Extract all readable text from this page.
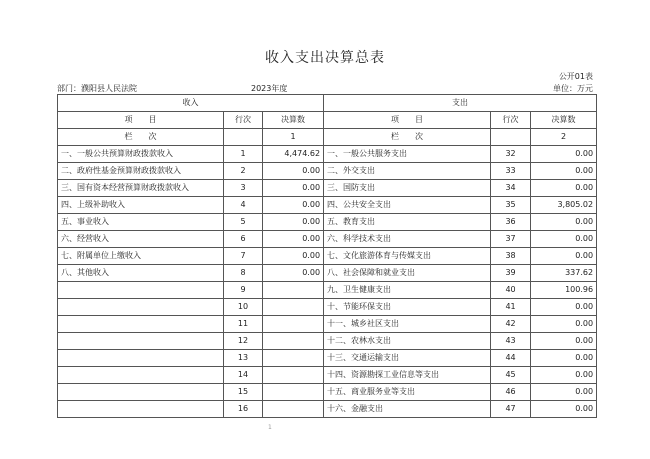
收入支出决算总表
公开01表
部门：濮阳县人民法院	2023年度	单位：万元
收入			支出		
项　　目	行次	决算数	项　　目	行次	决算数
栏　　次		1	栏　　次		2
一、一般公共预算财政拨款收入	1	4,474.62	一、一般公共服务支出	32	0.00
二、政府性基金预算财政拨款收入	2	0.00	二、外交支出	33	0.00
三、国有资本经营预算财政拨款收入	3	0.00	三、国防支出	34	0.00
四、上级补助收入	4	0.00	四、公共安全支出	35	3,805.02
五、事业收入	5	0.00	五、教育支出	36	0.00
六、经营收入	6	0.00	六、科学技术支出	37	0.00
七、附属单位上缴收入	7	0.00	七、文化旅游体育与传媒支出	38	0.00
八、其他收入	8	0.00	八、社会保障和就业支出	39	337.62
	9		九、卫生健康支出	40	100.96
	10		十、节能环保支出	41	0.00
	11		十一、城乡社区支出	42	0.00
	12		十二、农林水支出	43	0.00
	13		十三、交通运输支出	44	0.00
	14		十四、资源勘探工业信息等支出	45	0.00
	15		十五、商业服务业等支出	46	0.00
	16		十六、金融支出	47	0.00
1
